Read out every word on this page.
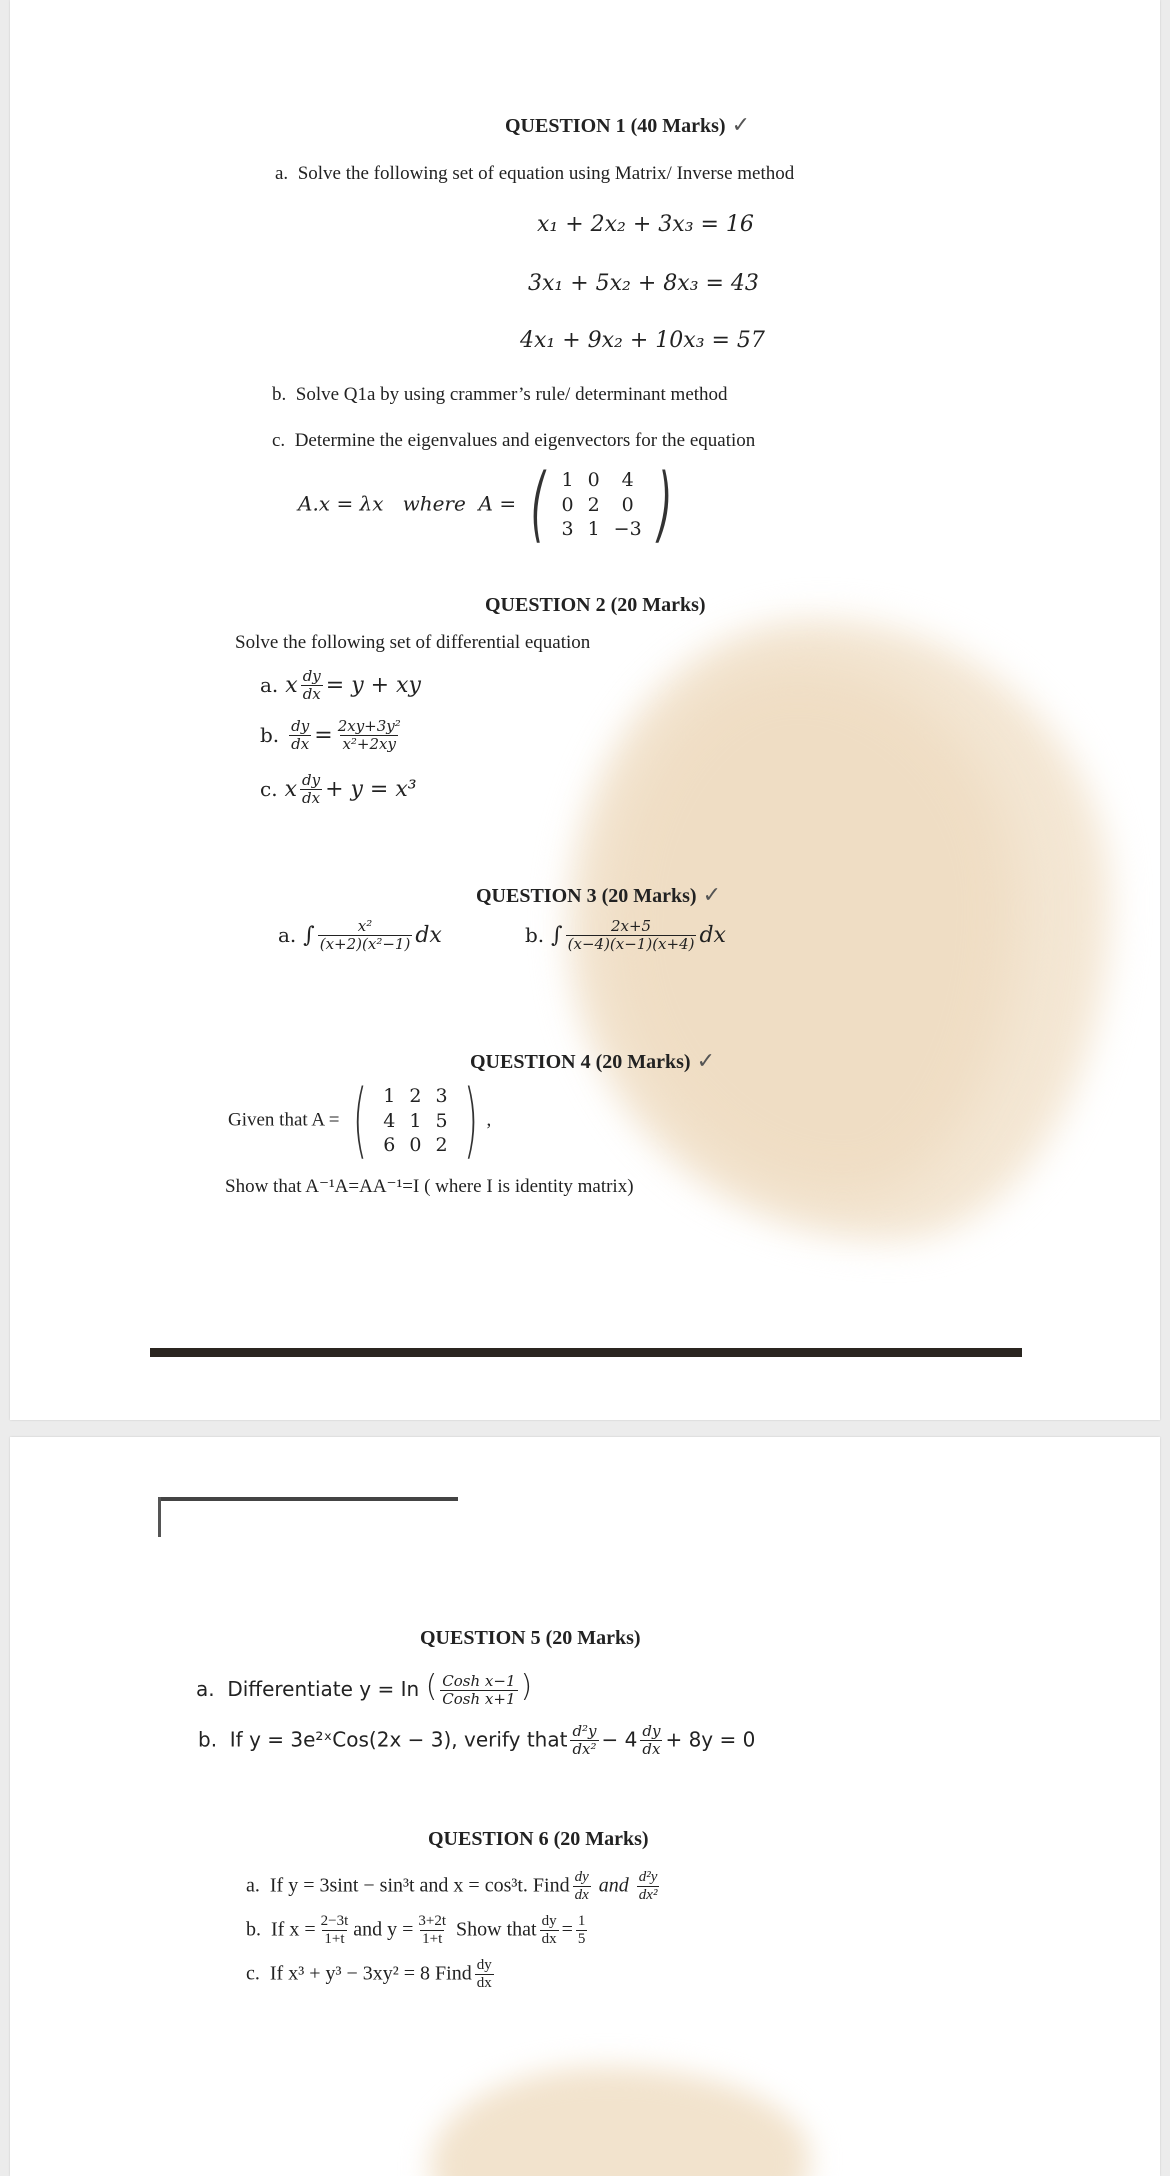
QUESTION 1 (40 Marks) ✓
a. Solve the following set of equation using Matrix/ Inverse method
x₁ + 2x₂ + 3x₃ = 16
3x₁ + 5x₂ + 8x₃ = 43
4x₁ + 9x₂ + 10x₃ = 57
b. Solve Q1a by using crammer’s rule/ determinant method
c. Determine the eigenvalues and eigenvectors for the equation
A.x = λx where A = ( 1	0	4
0	2	0
3	1	−3 )
QUESTION 2 (20 Marks)
Solve the following set of differential equation
a. x $\frac{dy}{dx} = y$ + xy
b. $\frac{dy}{dx} = \frac{\text{2xy+3y²}}{\text{x²+2xy}}$
c. x $\frac{dy}{dx} + y = x^3$
QUESTION 3 (20 Marks) ✓
a. ∫ $\frac{\text{x²}}{\text{(x+2)(x²−1)}}$ dx	b. ∫ $\frac{2x+5}{(x-4)(x-1)(x+4)}$ dx
QUESTION 4 (20 Marks) ✓
Given that A = ( 1	2	3
4	1	5
6	0	2 ) ,
Show that A⁻¹A=AA⁻¹=I ( where I is identity matrix)
QUESTION 5 (20 Marks)
a. Differentiate y = In ( $\frac{\text{Cosh x−1}}{\text{Cosh x+1}}$ )
b. If y = 3e²ˣCos(2x − 3), verify that $\frac{\text{d²y}}{\text{dx²}} - 4 \frac{dy}{dx} + 8y = 0$
QUESTION 6 (20 Marks)
a. If y = 3sint − sin³t and x = cos³t. Find $\frac{dy}{dx}$ and $\frac{\text{d²y}}{\text{dx²}}$
b. If $x = \frac{2-3t}{1+t}$ and $y = \frac{3+2t}{1+t}$ Show that $\frac{dy}{dx} = \frac{1}{5}$
c. If x³ + y³ − 3xy² = 8 Find $\frac{dy}{dx}$
